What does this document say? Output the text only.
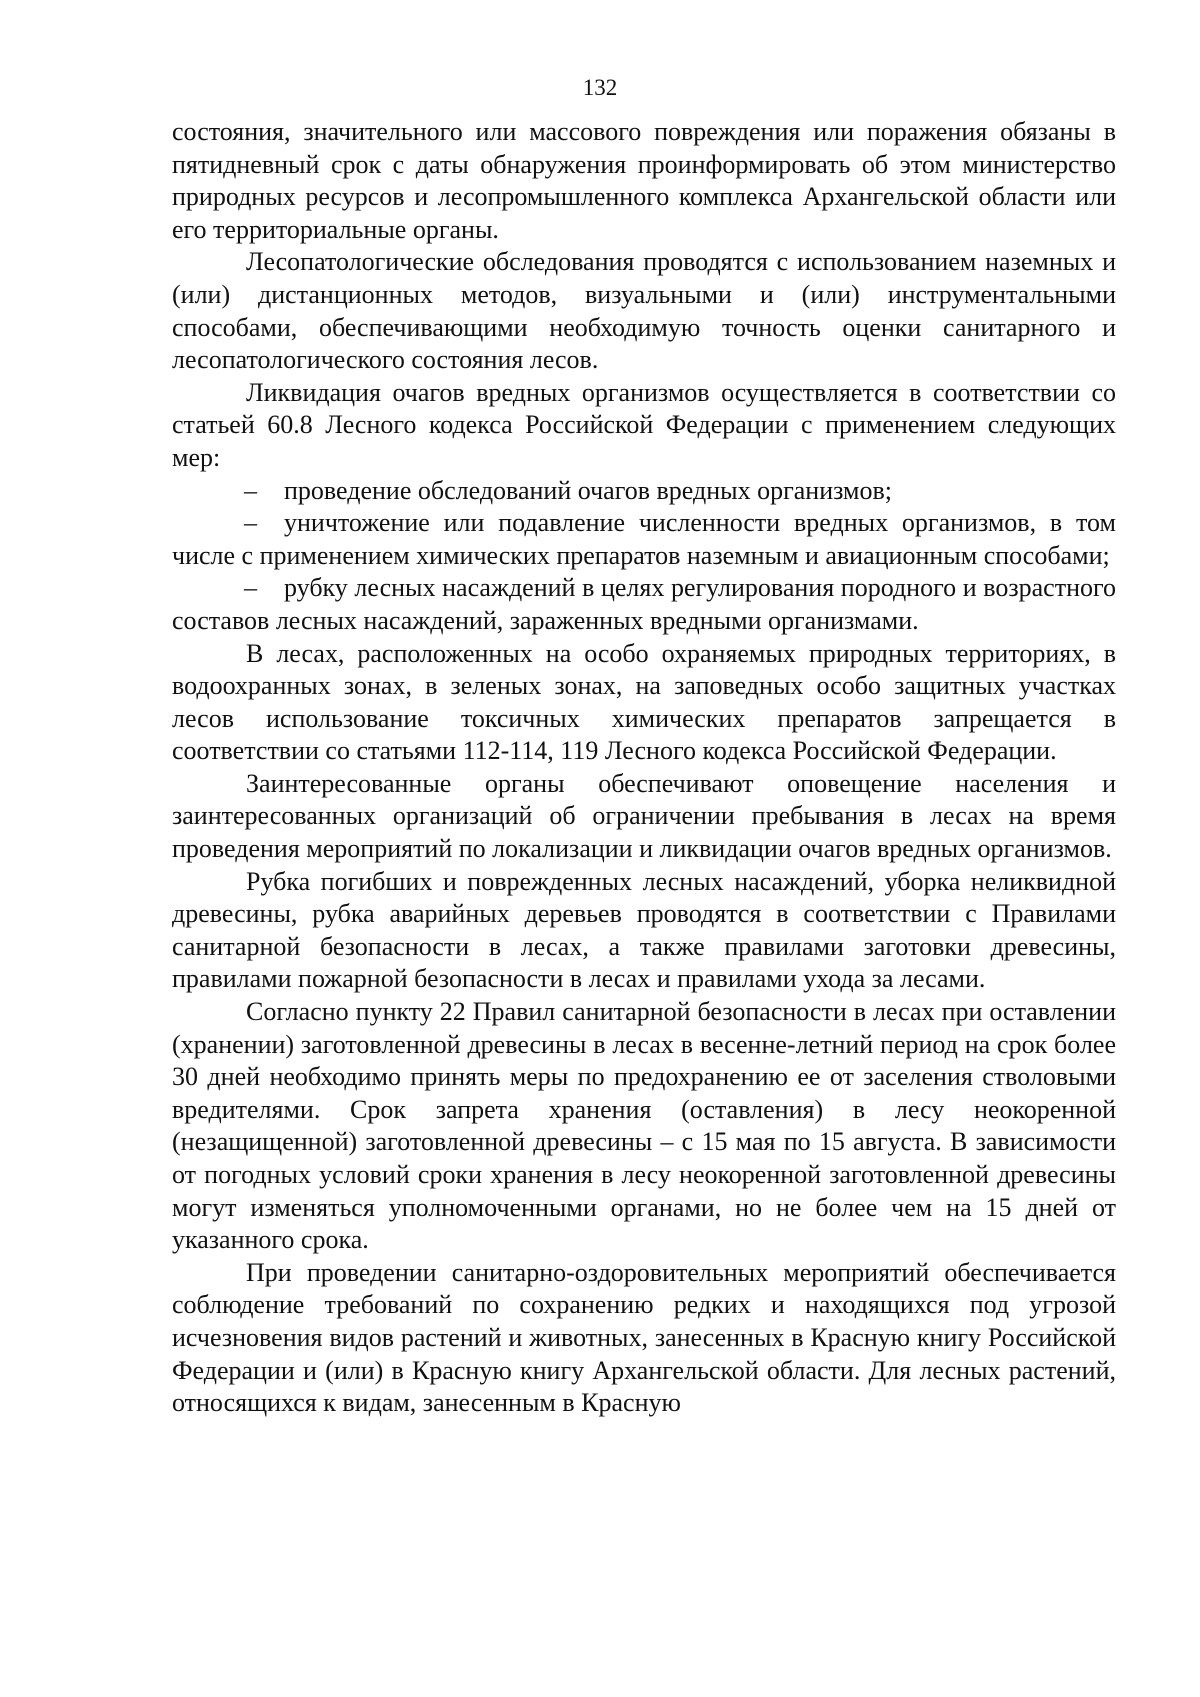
132

состояния, значительного или массового повреждения или поражения обязаны в пятидневный срок с даты обнаружения проинформировать об этом министерство природных ресурсов и лесопромышленного комплекса Архангельской области или его территориальные органы.

Лесопатологические обследования проводятся с использованием наземных и (или) дистанционных методов, визуальными и (или) инструментальными способами, обеспечивающими необходимую точность оценки санитарного и лесопатологического состояния лесов.

Ликвидация очагов вредных организмов осуществляется в соответствии со статьей 60.8 Лесного кодекса Российской Федерации с применением следующих мер:

– проведение обследований очагов вредных организмов;

– уничтожение или подавление численности вредных организмов, в том числе с применением химических препаратов наземным и авиационным способами;

– рубку лесных насаждений в целях регулирования породного и возрастного составов лесных насаждений, зараженных вредными организмами.

В лесах, расположенных на особо охраняемых природных территориях, в водоохранных зонах, в зеленых зонах, на заповедных особо защитных участках лесов использование токсичных химических препаратов запрещается в соответствии со статьями 112-114, 119 Лесного кодекса Российской Федерации.

Заинтересованные органы обеспечивают оповещение населения и заинтересованных организаций об ограничении пребывания в лесах на время проведения мероприятий по локализации и ликвидации очагов вредных организмов.

Рубка погибших и поврежденных лесных насаждений, уборка неликвидной древесины, рубка аварийных деревьев проводятся в соответствии с Правилами санитарной безопасности в лесах, а также правилами заготовки древесины, правилами пожарной безопасности в лесах и правилами ухода за лесами.

Согласно пункту 22 Правил санитарной безопасности в лесах при оставлении (хранении) заготовленной древесины в лесах в весенне-летний период на срок более 30 дней необходимо принять меры по предохранению ее от заселения стволовыми вредителями. Срок запрета хранения (оставления) в лесу неокоренной (незащищенной) заготовленной древесины – с 15 мая по 15 августа. В зависимости от погодных условий сроки хранения в лесу неокоренной заготовленной древесины могут изменяться уполномоченными органами, но не более чем на 15 дней от указанного срока.

При проведении санитарно-оздоровительных мероприятий обеспечивается соблюдение требований по сохранению редких и находящихся под угрозой исчезновения видов растений и животных, занесенных в Красную книгу Российской Федерации и (или) в Красную книгу Архангельской области. Для лесных растений, относящихся к видам, занесенным в Красную
